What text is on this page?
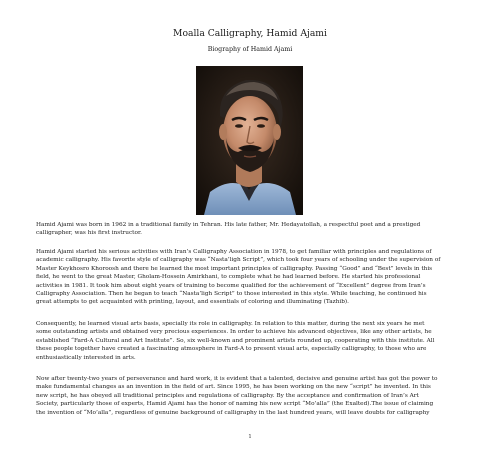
Moalla Calligraphy, Hamid Ajami
Biography of Hamid Ajami

Hamid Ajami was born in 1962 in a traditional family in Tehran. His late father, Mr. Hedayatollah, a respectful poet and a prestiged
calligrapher, was his first instructor.

Hamid Ajami started his serious activities with Iran’s Calligraphy Association in 1978, to get familiar with principles and regulations of
academic calligraphy. His favorite style of calligraphy was “Nasta’ligh Script”, which took four years of schooling under the supervision of
Master Keykhosro Khoroosh and there he learned the most important principles of calligraphy. Passing “Good” and “Best” levels in this
field, he went to the great Master, Gholam-Hossein Amirkhani, to complete what he had learned before. He started his professional
activities in 1981. It took him about eight years of training to become qualified for the achievement of “Excellent” degree from Iran’s
Calligraphy Association. Then he began to teach “Nasta’ligh Script” to those interested in this style. While teaching, he continued his
great attempts to get acquainted with printing, layout, and essentials of coloring and illuminating (Tazhib).

Consequently, he learned visual arts basis, specially its role in calligraphy. In relation to this matter, during the next six years he met
some outstanding artists and obtained very precious experiences. In order to achieve his advanced objectives, like any other artists, he
established “Fard-A Cultural and Art Institute”. So, six well-known and prominent artists rounded up, cooperating with this institute. All
these people together have created a fascinating atmosphere in Fard-A to present visual arts, especially calligraphy, to those who are
enthusiastically interested in arts.

Now after twenty-two years of perseverance and hard work, it is evident that a talented, decisive and genuine artist has got the power to
make fundamental changes as an invention in the field of art. Since 1995, he has been working on the new “script” he invented. In this
new script, he has obeyed all traditional principles and regulations of calligraphy. By the acceptance and confirmation of Iran’s Art
Society, particularly those of experts, Hamid Ajami has the honor of naming his new script “Mo’alla” (the Exalted).The issue of claiming
the invention of “Mo’alla”, regardless of genuine background of calligraphy in the last hundred years, will leave doubts for calligraphy

1
